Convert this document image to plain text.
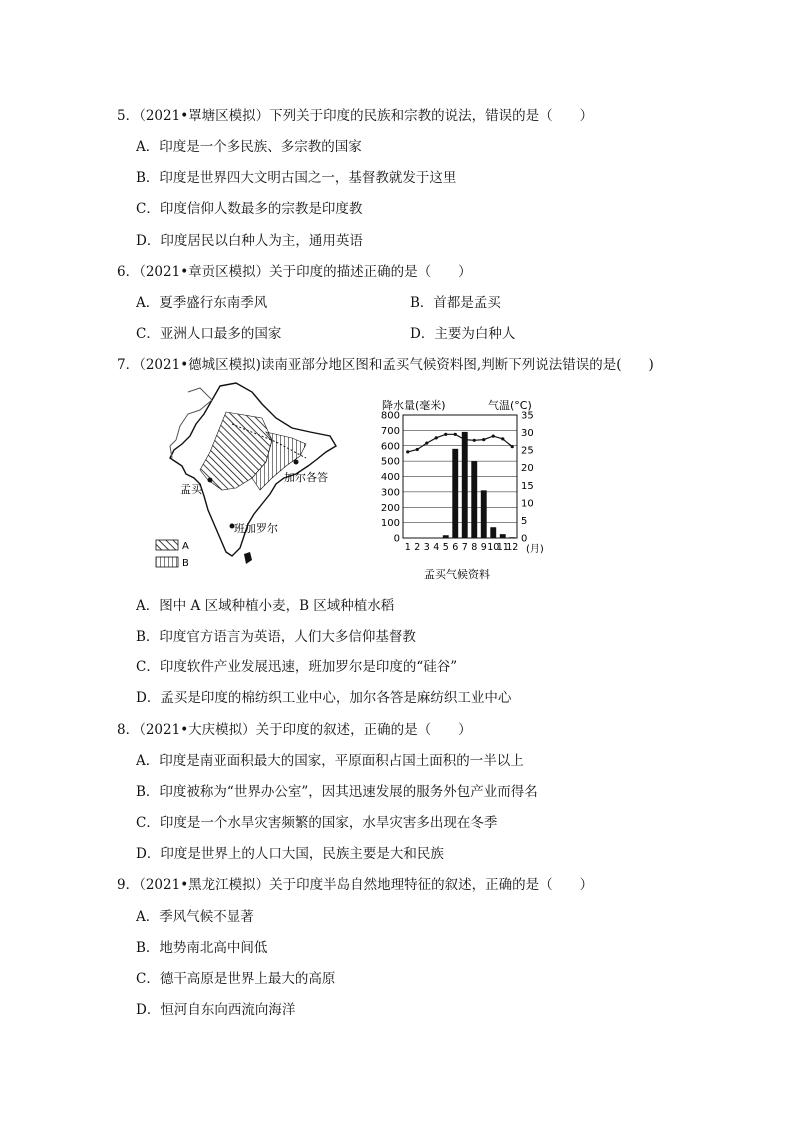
5．（2021•罩塘区模拟）下列关于印度的民族和宗教的说法，错误的是（　　）
A．印度是一个多民族、多宗教的国家
B．印度是世界四大文明古国之一，基督教就发于这里
C．印度信仰人数最多的宗教是印度教
D．印度居民以白种人为主，通用英语
6．（2021•章贡区模拟）关于印度的描述正确的是（　　）
A．夏季盛行东南季风	B．首都是孟买
C．亚洲人口最多的国家	D．主要为白种人
7．（2021•德城区模拟)读南亚部分地区图和孟买气候资料图,判断下列说法错误的是(　　)
加尔各答
孟买
班加罗尔
A
B
降水量(毫米)	气温(°C)
(月)
孟买气候资料
0
100
200
300
400
500
600
700
800
0
5
10
15
20
25
30
35
1 2 3 4 5 6 7 8 9 10
11
12
A．图中 A 区域种植小麦，B 区域种植水稻
B．印度官方语言为英语，人们大多信仰基督教
C．印度软件产业发展迅速，班加罗尔是印度的“硅谷”
D．孟买是印度的棉纺织工业中心，加尔各答是麻纺织工业中心
8．（2021•大庆模拟）关于印度的叙述，正确的是（　　）
A．印度是南亚面积最大的国家，平原面积占国土面积的一半以上
B．印度被称为“世界办公室”，因其迅速发展的服务外包产业而得名
C．印度是一个水旱灾害频繁的国家，水旱灾害多出现在冬季
D．印度是世界上的人口大国，民族主要是大和民族
9．（2021•黑龙江模拟）关于印度半岛自然地理特征的叙述，正确的是（　　）
A．季风气候不显著
B．地势南北高中间低
C．德干高原是世界上最大的高原
D．恒河自东向西流向海洋
